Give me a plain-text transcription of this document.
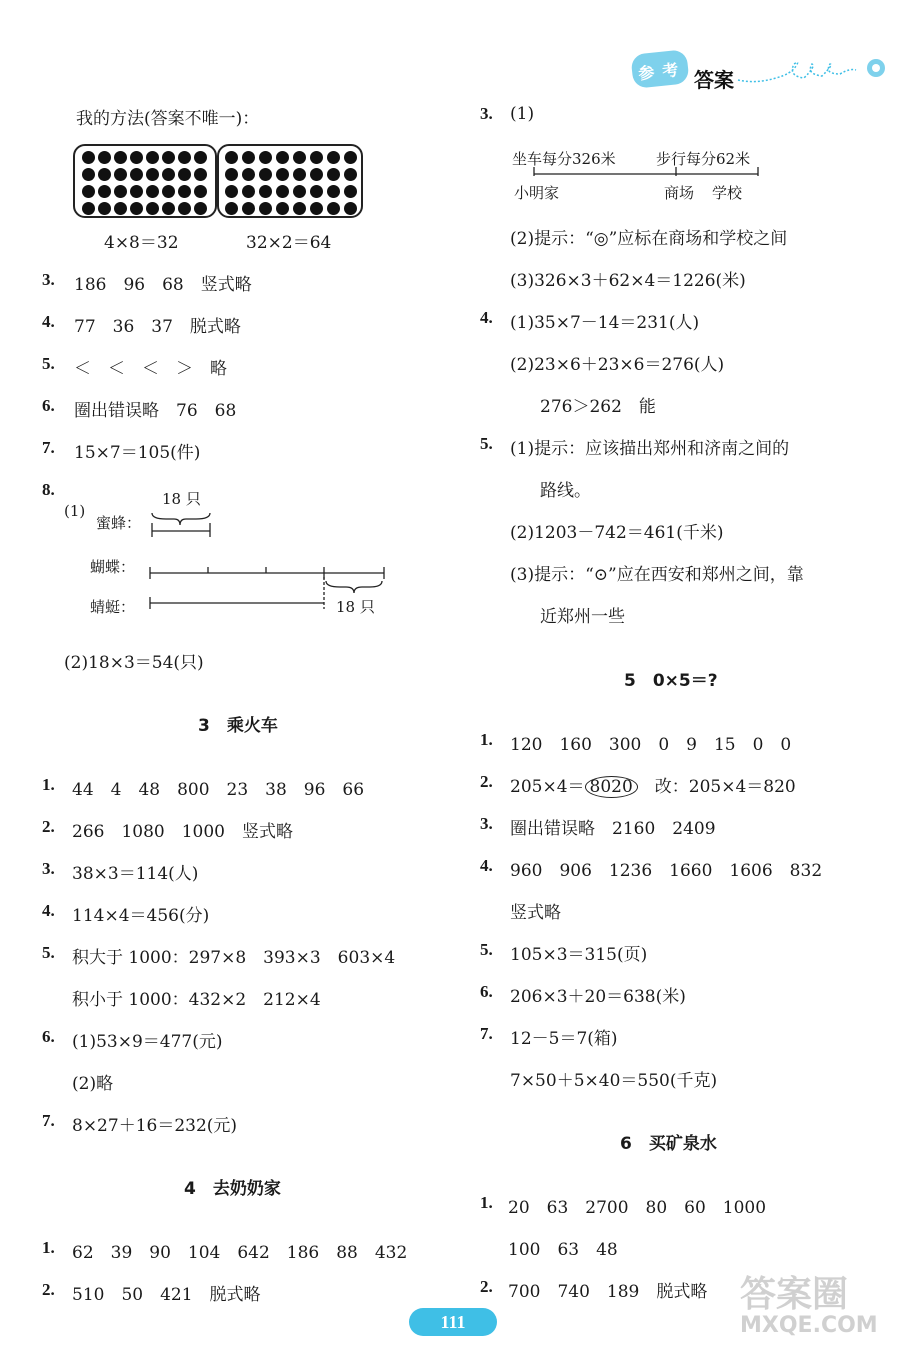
参 考 答案
我的方法(答案不唯一)：
4×8＝32	32×2＝64
3. 186　96　68　竖式略
4. 77　36　37　脱式略
5. ＜　＜　＜　＞　略
6. 圈出错误略　76　68
7. 15×7＝105(件)
8.
(1)
蜜蜂：
蝴蝶：
蜻蜓：
18 只
18 只
(2)18×3＝54(只)
3　乘火车
1. 44　4　48　800　23　38　96　66
2. 266　1080　1000　竖式略
3. 38×3＝114(人)
4. 114×4＝456(分)
5. 积大于 1000：297×8　393×3　603×4
积小于 1000：432×2　212×4
6. (1)53×9＝477(元)
(2)略
7. 8×27＋16＝232(元)
4　去奶奶家
1. 62　39　90　104　642　186　88　432
2. 510　50　421　脱式略
3. (1)
坐车每分326米	步行每分62米
小明家	商场 学校
(2)提示：“◎”应标在商场和学校之间
(3)326×3＋62×4＝1226(米)
4. (1)35×7－14＝231(人)
(2)23×6＋23×6＝276(人)
276＞262　能
5. (1)提示：应该描出郑州和济南之间的
路线。
(2)1203－742＝461(千米)
(3)提示：“⊙”应在西安和郑州之间，靠
近郑州一些
5　0×5＝?
1. 120　160　300　0　9　15　0　0
2. 205×4＝ 8020　改：205×4＝820
3. 圈出错误略　2160　2409
4. 960　906　1236　1660　1606　832
竖式略
5. 105×3＝315(页)
6. 206×3＋20＝638(米)
7. 12－5＝7(箱)
7×50＋5×40＝550(千克)
6　买矿泉水
1. 20　63　2700　80　60　1000
100　63　48
2. 700　740　189　脱式略
111
答案圈
MXQE.COM
